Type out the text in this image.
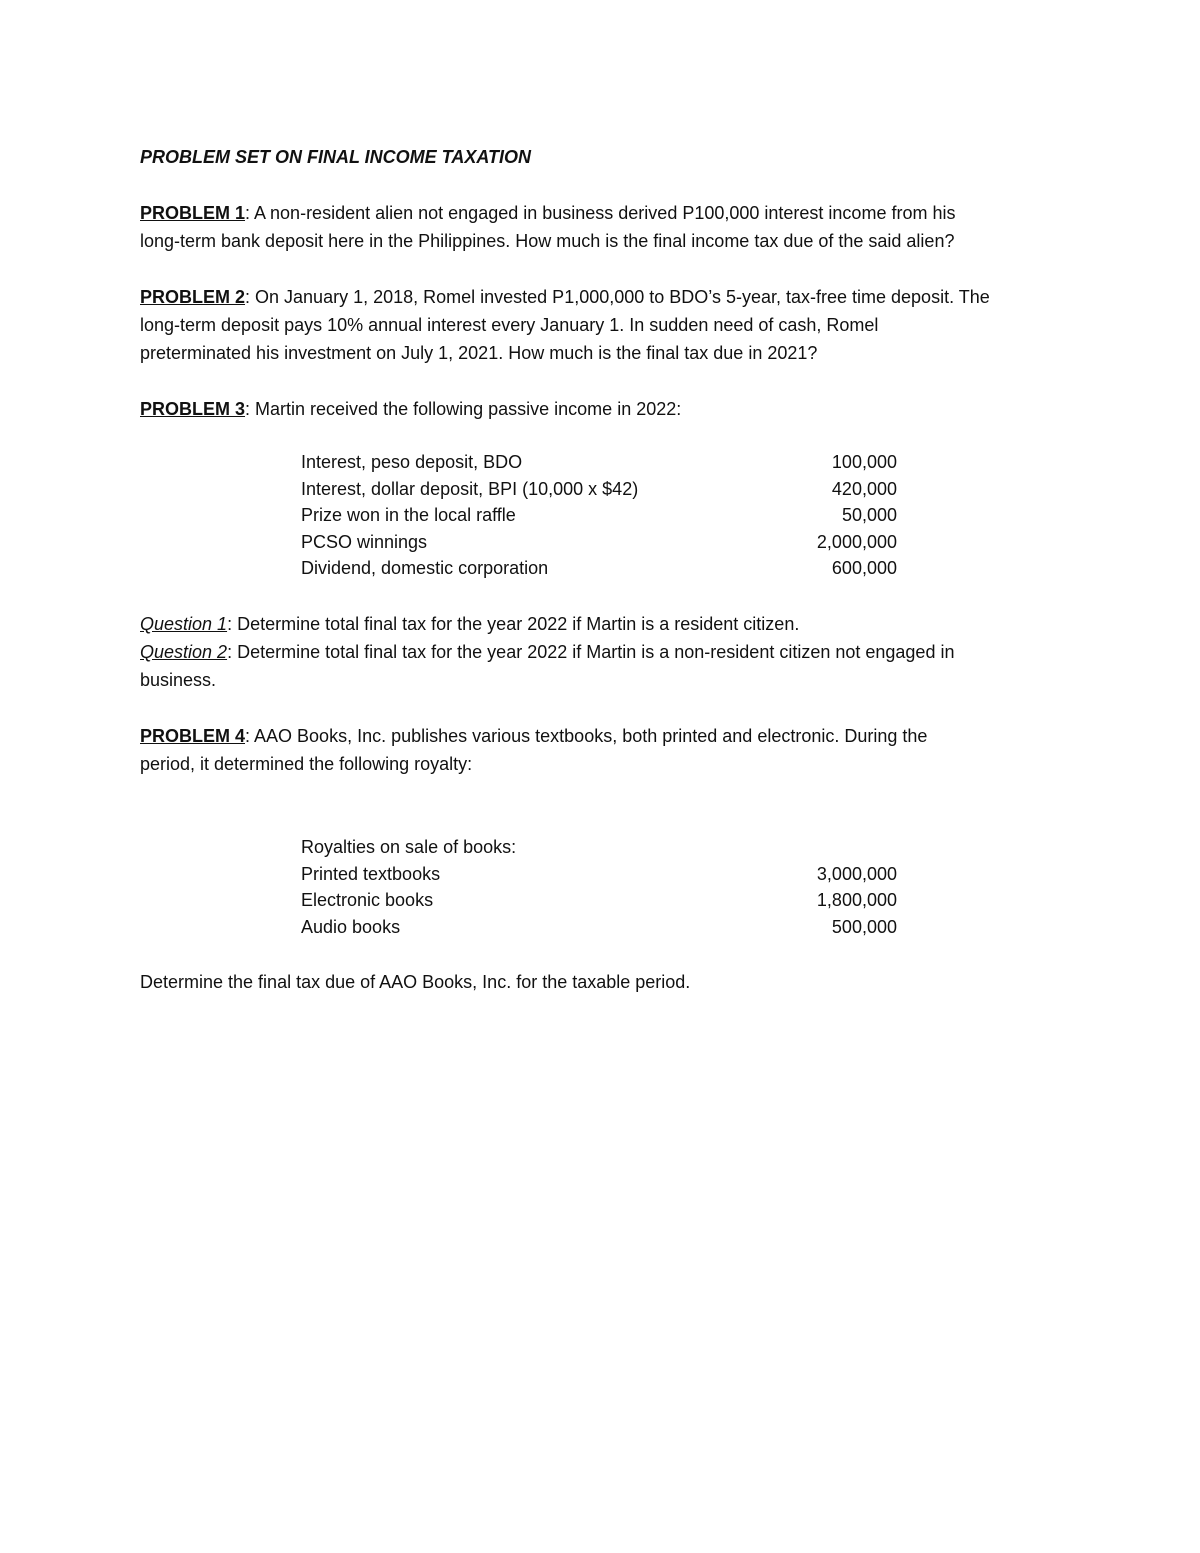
PROBLEM SET ON FINAL INCOME TAXATION

PROBLEM 1: A non-resident alien not engaged in business derived P100,000 interest income from his

long-term bank deposit here in the Philippines. How much is the final income tax due of the said alien?

PROBLEM 2: On January 1, 2018, Romel invested P1,000,000 to BDO’s 5-year, tax-free time deposit. The

long-term deposit pays 10% annual interest every January 1. In sudden need of cash, Romel

preterminated his investment on July 1, 2021. How much is the final tax due in 2021?

PROBLEM 3: Martin received the following passive income in 2022:

Interest, peso deposit, BDO	100,000
Interest, dollar deposit, BPI (10,000 x $42)	420,000
Prize won in the local raffle	50,000
PCSO winnings	2,000,000
Dividend, domestic corporation	600,000

Question 1: Determine total final tax for the year 2022 if Martin is a resident citizen.

Question 2: Determine total final tax for the year 2022 if Martin is a non-resident citizen not engaged in

business.

PROBLEM 4: AAO Books, Inc. publishes various textbooks, both printed and electronic. During the

period, it determined the following royalty:

Royalties on sale of books:
Printed textbooks	3,000,000
Electronic books	1,800,000
Audio books	500,000

Determine the final tax due of AAO Books, Inc. for the taxable period.
